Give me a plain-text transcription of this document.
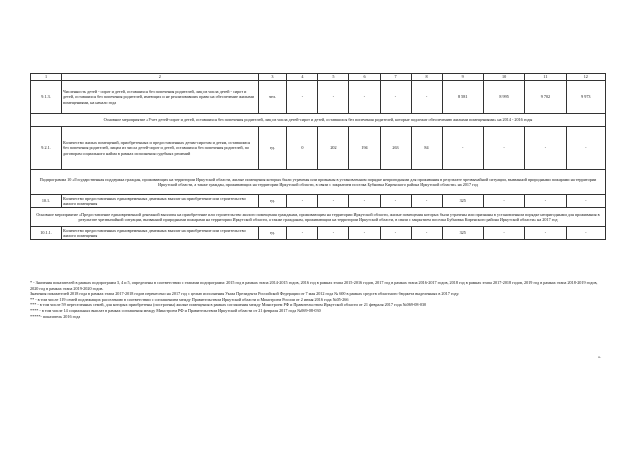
1	2	3	4	5	6	7	8	9	10	11	12
9.1.3.	Численность детей - сирот и детей, оставшихся без попечения родителей, лиц из числа детей - сирот и детей, оставшихся без попечения родителей, имеющих и не реализовавших право на обеспечение жилыми помещениями, на начало года	чел.	-	-	-	-	-	8 581	8 995	9 702	9 973
Основное мероприятие «Учет детей-сирот и детей, оставшихся без попечения родителей, лиц из числа детей-сирот и детей, оставшихся без попечения родителей, которые подлежат обеспечению жилыми помещениями» на 2014 - 2016 годы											
9.2.1.	Количество жилых помещений, приобретенных и предоставленных детям-сиротам и детям, оставшимся без попечения родителей, лицам из числа детей-сирот и детей, оставшихся без попечения родителей, по договорам социального найма в рамках исполнения судебных решений	ед.	0	202	194	263	84	-	-	-	-
Подпрограмма 10 «Государственная поддержка граждан, проживающих на территории Иркутской области, жилые помещения которых были утрачены или признаны в установленном порядке непригодными для проживания в результате чрезвычайной ситуации, вызванной природными пожарами на территории Иркутской области, а также граждан, проживающих на территории Иркутской области, в связи с закрытием поселка Бубновка Киренского района Иркутской области» на 2017 год											
10.1.	Количество предоставленных единовременных денежных выплат на приобретение или строительство жилого помещения	ед.	-	-	-	-	-	325	-	-	-
Основное мероприятие «Предоставление единовременной денежной выплаты на приобретение или строительство жилого помещения гражданам, проживающим на территории Иркутской области, жилые помещения которых были утрачены или признаны в установленном порядке непригодными для проживания в результате чрезвычайной ситуации, вызванной природными пожарами на территории Иркутской области, а также гражданам, проживающим на территории Иркутской области, в связи с закрытием поселка Бубновка Киренского района Иркутской области» на 2017 год											
10.1.1.	Количество предоставленных единовременных денежных выплат на приобретение или строительство жилого помещения	ед.	-	-	-	-	-	325	-	-	-
* - Значения показателей в рамках подпрограмм 3, 4 и 5, определены в соответствии с этапами подпрограмм: 2015 год в рамках этапа 2014-2015 годов, 2016 год в рамках этапа 2015-2016 годов, 2017 год в рамках этапа 2016-2017 годов, 2018 год в рамках этапа 2017-2018 годов, 2019 год в рамках этапа 2018-2019 годов, 2020 год в рамках этапа 2019-2020 годов.
Значения показателей 2018 года в рамках этапа 2017-2018 годов перенесено на 2017 год с целью исполнения Указа Президента Российской Федерации от 7 мая 2012 года № 600 в рамках средств областного бюджета выделенных в 2017 году.
** - в том числе 119 семей подлежащих расселению в соответствии с соглашением между Правительством Иркутской области и Минстроем России от 2 июня 2016 года №05-266
*** - в том числе 59 переселенных семей, для которых приобретены (построены) жилые помещения в рамках соглашения между Минстроем РФ и Правительством Иркутской области от 21 февраля 2017 года №069-08-030
**** - в том числе 14 социальных выплат в рамках соглашения между Минстроем РФ и Правительством Иркутской области от 21 февраля 2017 года №069-08-030
*****- показатель 2016 года
».
